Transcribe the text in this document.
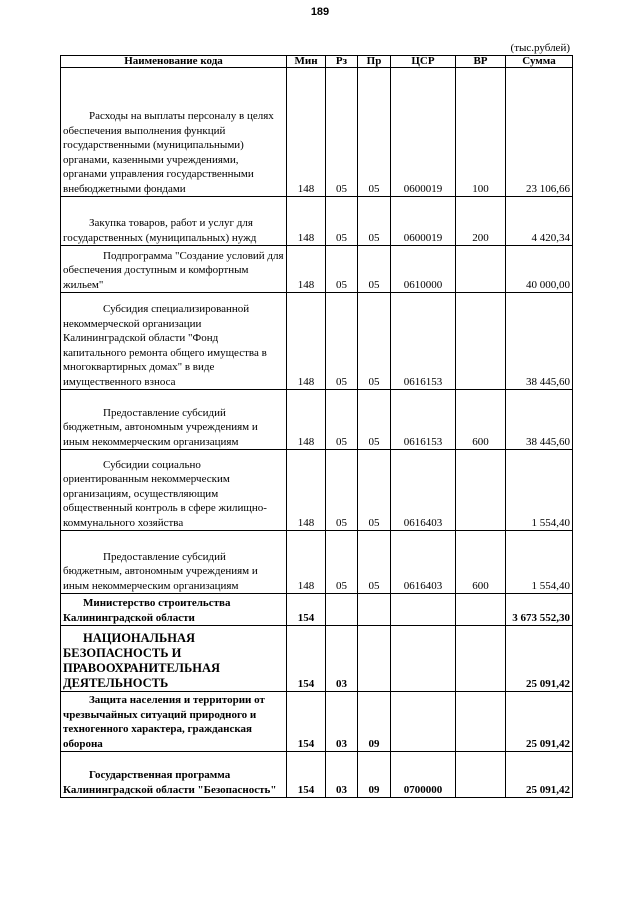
189
(тыс.рублей)
Наименование кода	Мин	Рз	Пр	ЦСР	ВР	Сумма
Расходы на выплаты персоналу в целях обеспечения выполнения функций государственными (муниципальными) органами, казенными учреждениями, органами управления государственными внебюджетными фондами	148	05	05	0600019	100	23 106,66
Закупка товаров, работ и услуг для государственных (муниципальных) нужд	148	05	05	0600019	200	4 420,34
Подпрограмма "Создание условий для обеспечения доступным и комфортным жильем"	148	05	05	0610000		40 000,00
Субсидия специализированной некоммерческой организации Калининградской области "Фонд капитального ремонта общего имущества в многоквартирных домах" в виде имущественного взноса	148	05	05	0616153		38 445,60
Предоставление субсидий бюджетным, автономным учреждениям и иным некоммерческим организациям	148	05	05	0616153	600	38 445,60
Субсидии социально ориентированным некоммерческим организациям, осуществляющим общественный контроль в сфере жилищно-коммунального хозяйства	148	05	05	0616403		1 554,40
Предоставление субсидий бюджетным, автономным учреждениям и иным некоммерческим организациям	148	05	05	0616403	600	1 554,40
Министерство строительства Калининградской области	154					3 673 552,30
НАЦИОНАЛЬНАЯ БЕЗОПАСНОСТЬ И ПРАВООХРАНИТЕЛЬНАЯ ДЕЯТЕЛЬНОСТЬ	154	03				25 091,42
Защита населения и территории от чрезвычайных ситуаций природного и техногенного характера, гражданская оборона	154	03	09			25 091,42
Государственная программа Калининградской области "Безопасность"	154	03	09	0700000		25 091,42
